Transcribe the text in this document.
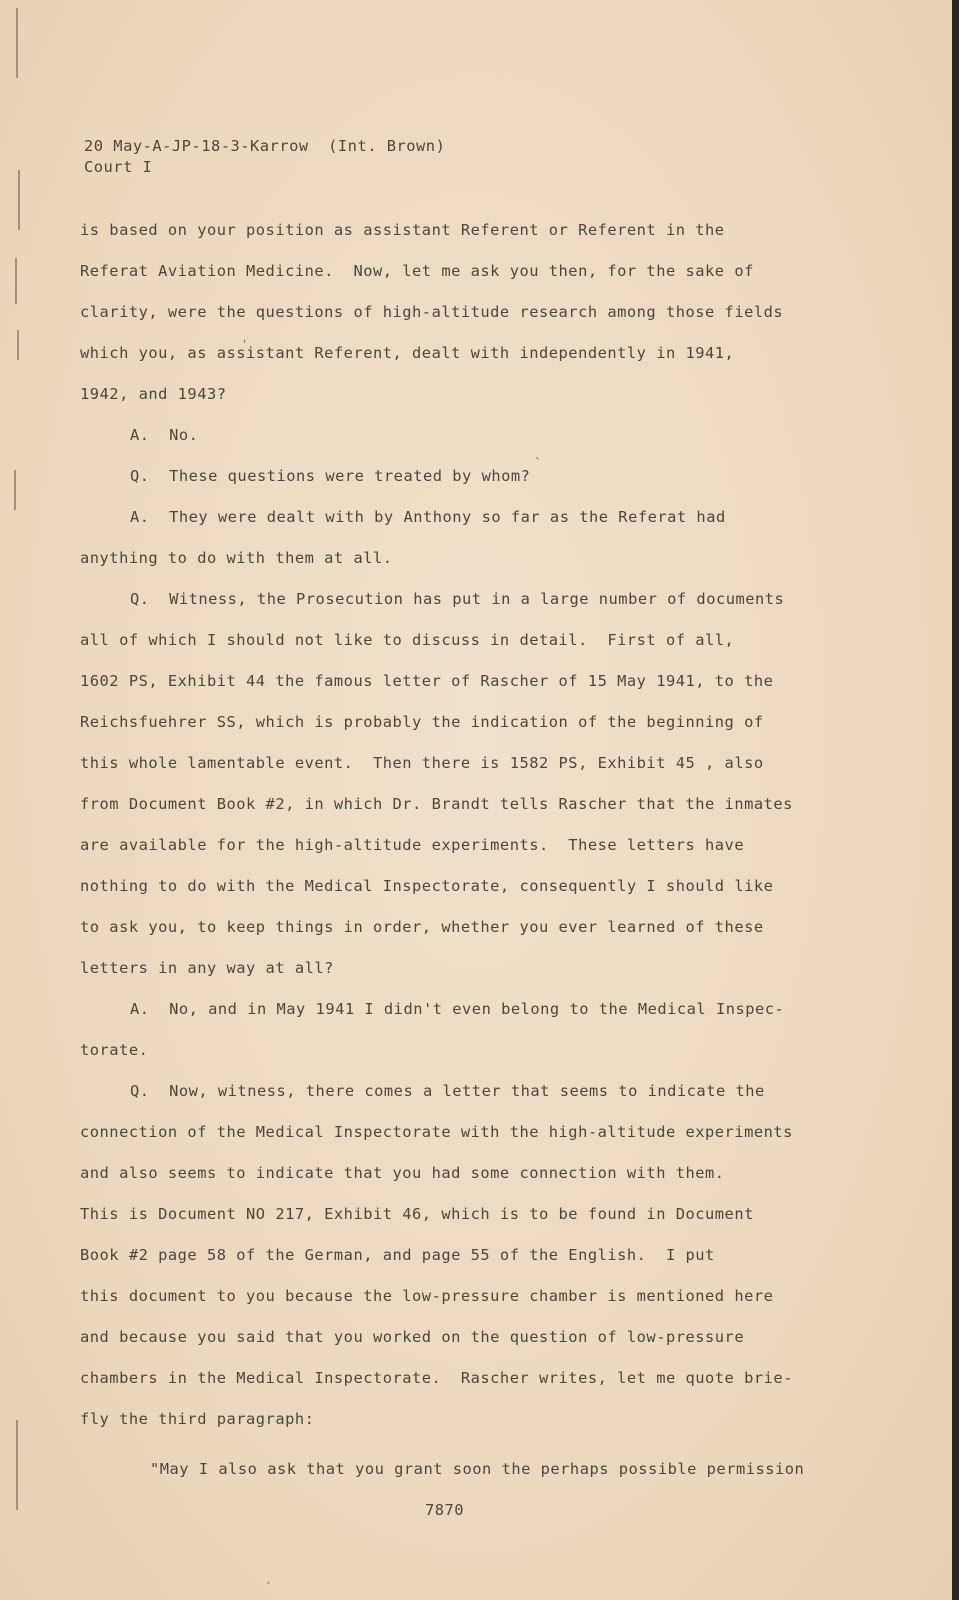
20 May-A-JP-18-3-Karrow  (Int. Brown)

Court I

is based on your position as assistant Referent or Referent in the

Referat Aviation Medicine.  Now, let me ask you then, for the sake of

clarity, were the questions of high-altitude research among those fields

which you, as assistant Referent, dealt with independently in 1941,

1942, and 1943?

A.  No.

Q.  These questions were treated by whom?

A.  They were dealt with by Anthony so far as the Referat had

anything to do with them at all.

Q.  Witness, the Prosecution has put in a large number of documents

all of which I should not like to discuss in detail.  First of all,

1602 PS, Exhibit 44 the famous letter of Rascher of 15 May 1941, to the

Reichsfuehrer SS, which is probably the indication of the beginning of

this whole lamentable event.  Then there is 1582 PS, Exhibit 45 , also

from Document Book #2, in which Dr. Brandt tells Rascher that the inmates

are available for the high-altitude experiments.  These letters have

nothing to do with the Medical Inspectorate, consequently I should like

to ask you, to keep things in order, whether you ever learned of these

letters in any way at all?

A.  No, and in May 1941 I didn't even belong to the Medical Inspec-

torate.

Q.  Now, witness, there comes a letter that seems to indicate the

connection of the Medical Inspectorate with the high-altitude experiments

and also seems to indicate that you had some connection with them.

This is Document NO 217, Exhibit 46, which is to be found in Document

Book #2 page 58 of the German, and page 55 of the English.  I put

this document to you because the low-pressure chamber is mentioned here

and because you said that you worked on the question of low-pressure

chambers in the Medical Inspectorate.  Rascher writes, let me quote brie-

fly the third paragraph:

"May I also ask that you grant soon the perhaps possible permission

7870

ˌ

ˋ

ˏ
